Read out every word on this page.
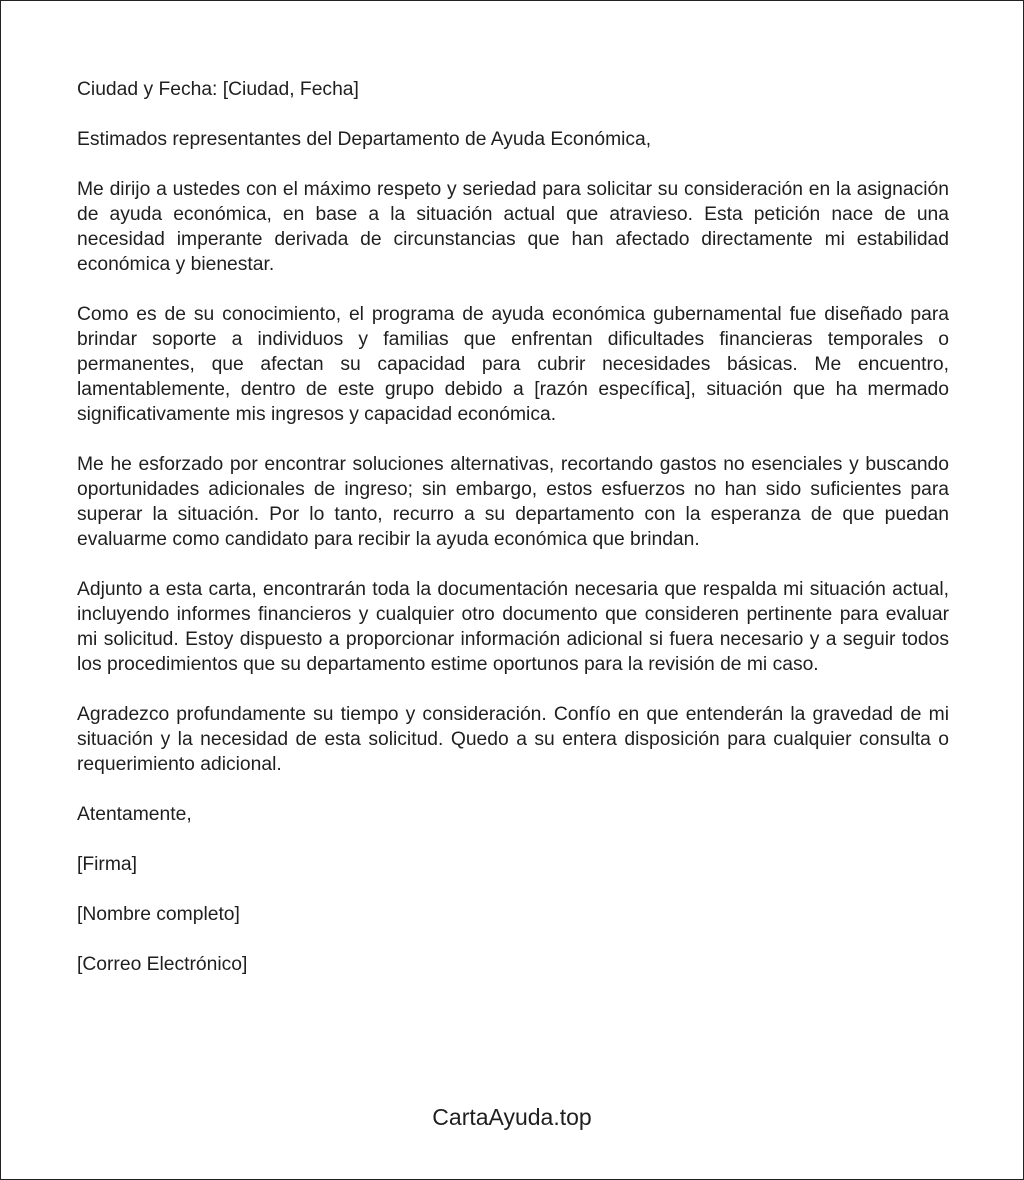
Ciudad y Fecha: [Ciudad, Fecha]

Estimados representantes del Departamento de Ayuda Económica,

Me dirijo a ustedes con el máximo respeto y seriedad para solicitar su consideración en la asignación de ayuda económica, en base a la situación actual que atravieso. Esta petición nace de una necesidad imperante derivada de circunstancias que han afectado directamente mi estabilidad económica y bienestar.

Como es de su conocimiento, el programa de ayuda económica gubernamental fue diseñado para brindar soporte a individuos y familias que enfrentan dificultades financieras temporales o permanentes, que afectan su capacidad para cubrir necesidades básicas. Me encuentro, lamentablemente, dentro de este grupo debido a [razón específica], situación que ha mermado significativamente mis ingresos y capacidad económica.

Me he esforzado por encontrar soluciones alternativas, recortando gastos no esenciales y buscando oportunidades adicionales de ingreso; sin embargo, estos esfuerzos no han sido suficientes para superar la situación. Por lo tanto, recurro a su departamento con la esperanza de que puedan evaluarme como candidato para recibir la ayuda económica que brindan.

Adjunto a esta carta, encontrarán toda la documentación necesaria que respalda mi situación actual, incluyendo informes financieros y cualquier otro documento que consideren pertinente para evaluar mi solicitud. Estoy dispuesto a proporcionar información adicional si fuera necesario y a seguir todos los procedimientos que su departamento estime oportunos para la revisión de mi caso.

Agradezco profundamente su tiempo y consideración. Confío en que entenderán la gravedad de mi situación y la necesidad de esta solicitud. Quedo a su entera disposición para cualquier consulta o requerimiento adicional.

Atentamente,

[Firma]

[Nombre completo]

[Correo Electrónico]

CartaAyuda.top
